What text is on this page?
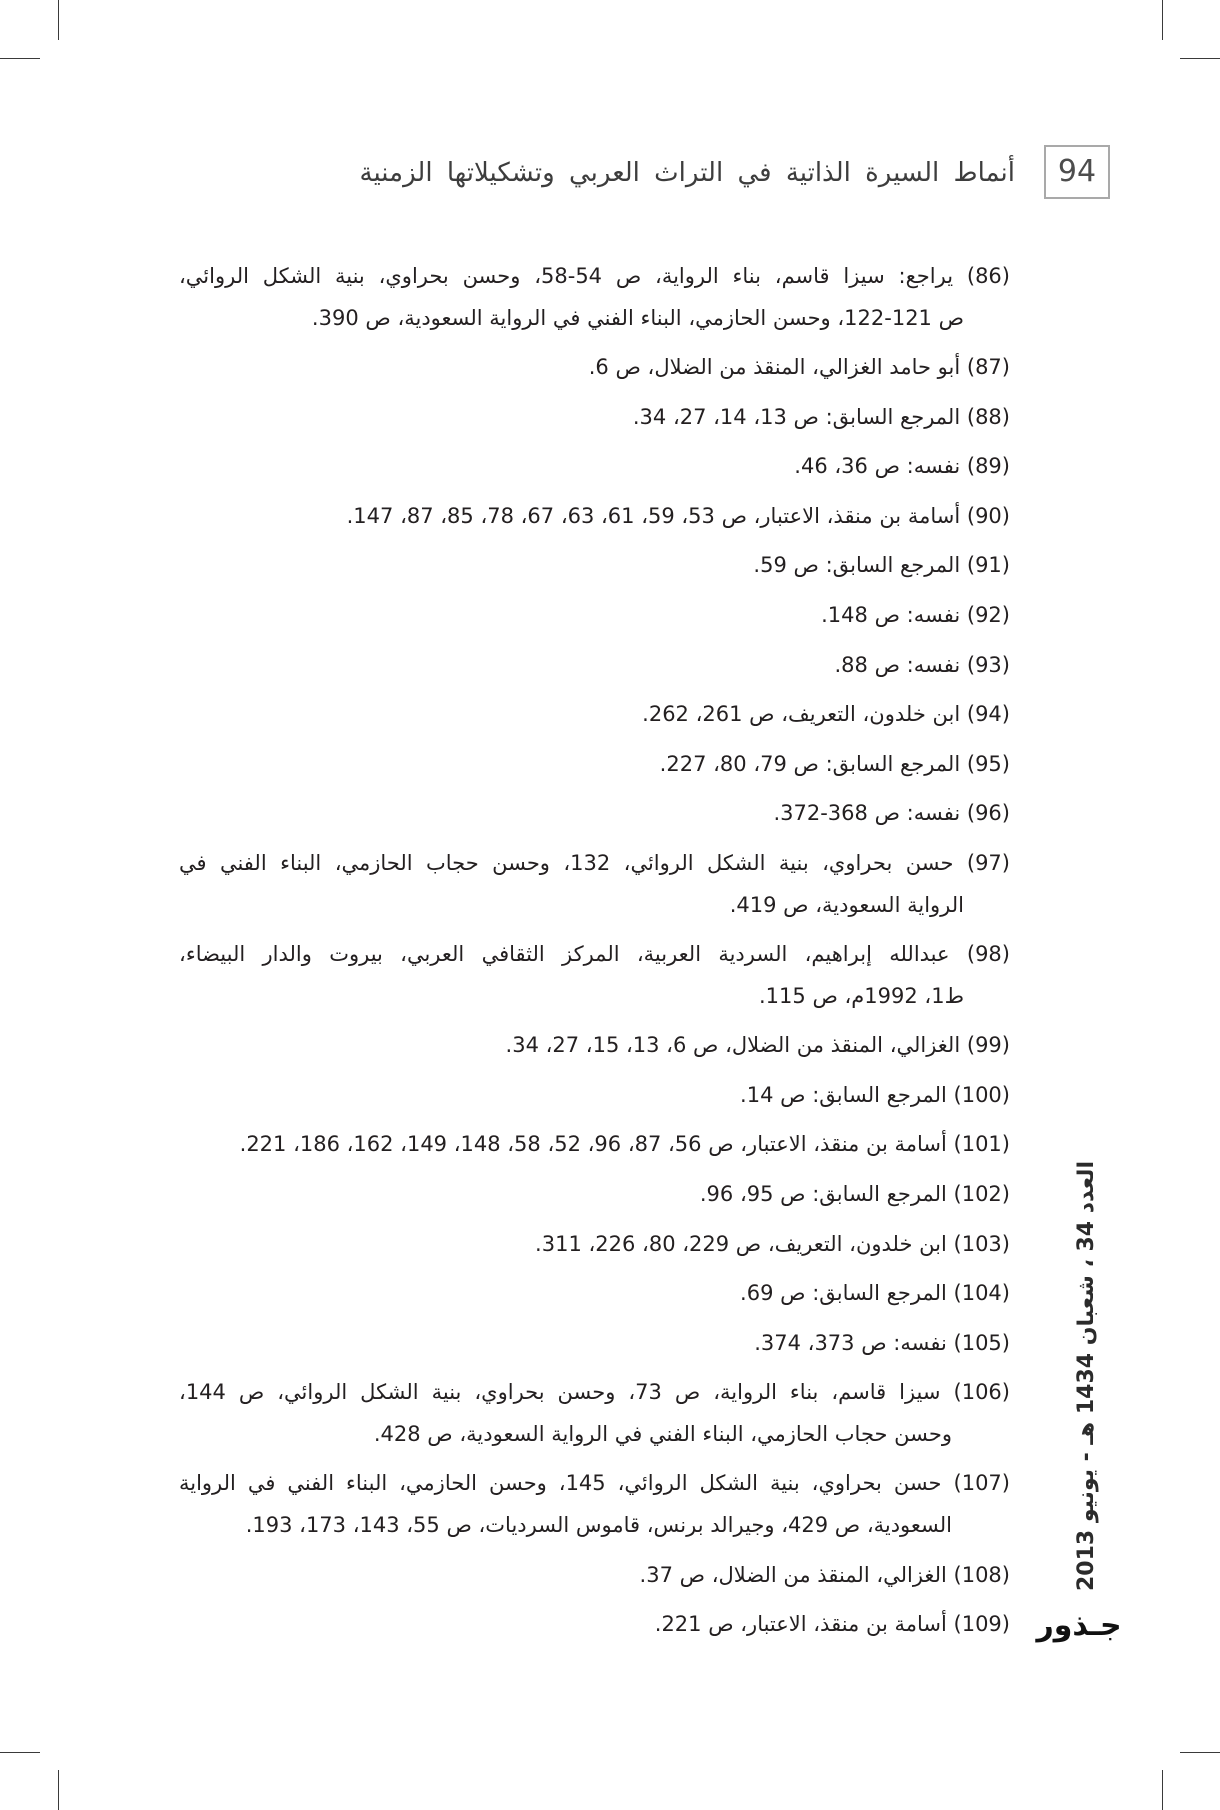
94
أنماط السيرة الذاتية في التراث العربي وتشكيلاتها الزمنية
(86) يراجع: سيزا قاسم، بناء الرواية، ص 54-58، وحسن بحراوي، بنية الشكل الروائي،
ص 121-122، وحسن الحازمي، البناء الفني في الرواية السعودية، ص 390.
(87) أبو حامد الغزالي، المنقذ من الضلال، ص 6.
(88) المرجع السابق: ص 13، 14، 27، 34.
(89) نفسه: ص 36، 46.
(90) أسامة بن منقذ، الاعتبار، ص 53، 59، 61، 63، 67، 78، 85، 87، 147.
(91) المرجع السابق: ص 59.
(92) نفسه: ص 148.
(93) نفسه: ص 88.
(94) ابن خلدون، التعريف، ص 261، 262.
(95) المرجع السابق: ص 79، 80، 227.
(96) نفسه: ص 368-372.
(97) حسن بحراوي، بنية الشكل الروائي، 132، وحسن حجاب الحازمي، البناء الفني في
الرواية السعودية، ص 419.
(98) عبدالله إبراهيم، السردية العربية، المركز الثقافي العربي، بيروت والدار البيضاء،
ط1، 1992م، ص 115.
(99) الغزالي، المنقذ من الضلال، ص 6، 13، 15، 27، 34.
(100) المرجع السابق: ص 14.
(101) أسامة بن منقذ، الاعتبار، ص 56، 87، 96، 52، 58، 148، 149، 162، 186، 221.
(102) المرجع السابق: ص 95، 96.
(103) ابن خلدون، التعريف، ص 229، 80، 226، 311.
(104) المرجع السابق: ص 69.
(105) نفسه: ص 373، 374.
(106) سيزا قاسم، بناء الرواية، ص 73، وحسن بحراوي، بنية الشكل الروائي، ص 144،
وحسن حجاب الحازمي، البناء الفني في الرواية السعودية، ص 428.
(107) حسن بحراوي، بنية الشكل الروائي، 145، وحسن الحازمي، البناء الفني في الرواية
السعودية، ص 429، وجيرالد برنس، قاموس السرديات، ص 55، 143، 173، 193.
(108) الغزالي، المنقذ من الضلال، ص 37.
(109) أسامة بن منقذ، الاعتبار، ص 221.
العدد 34 ، شعبان 1434 هـ - يونيو 2013
جـذور
